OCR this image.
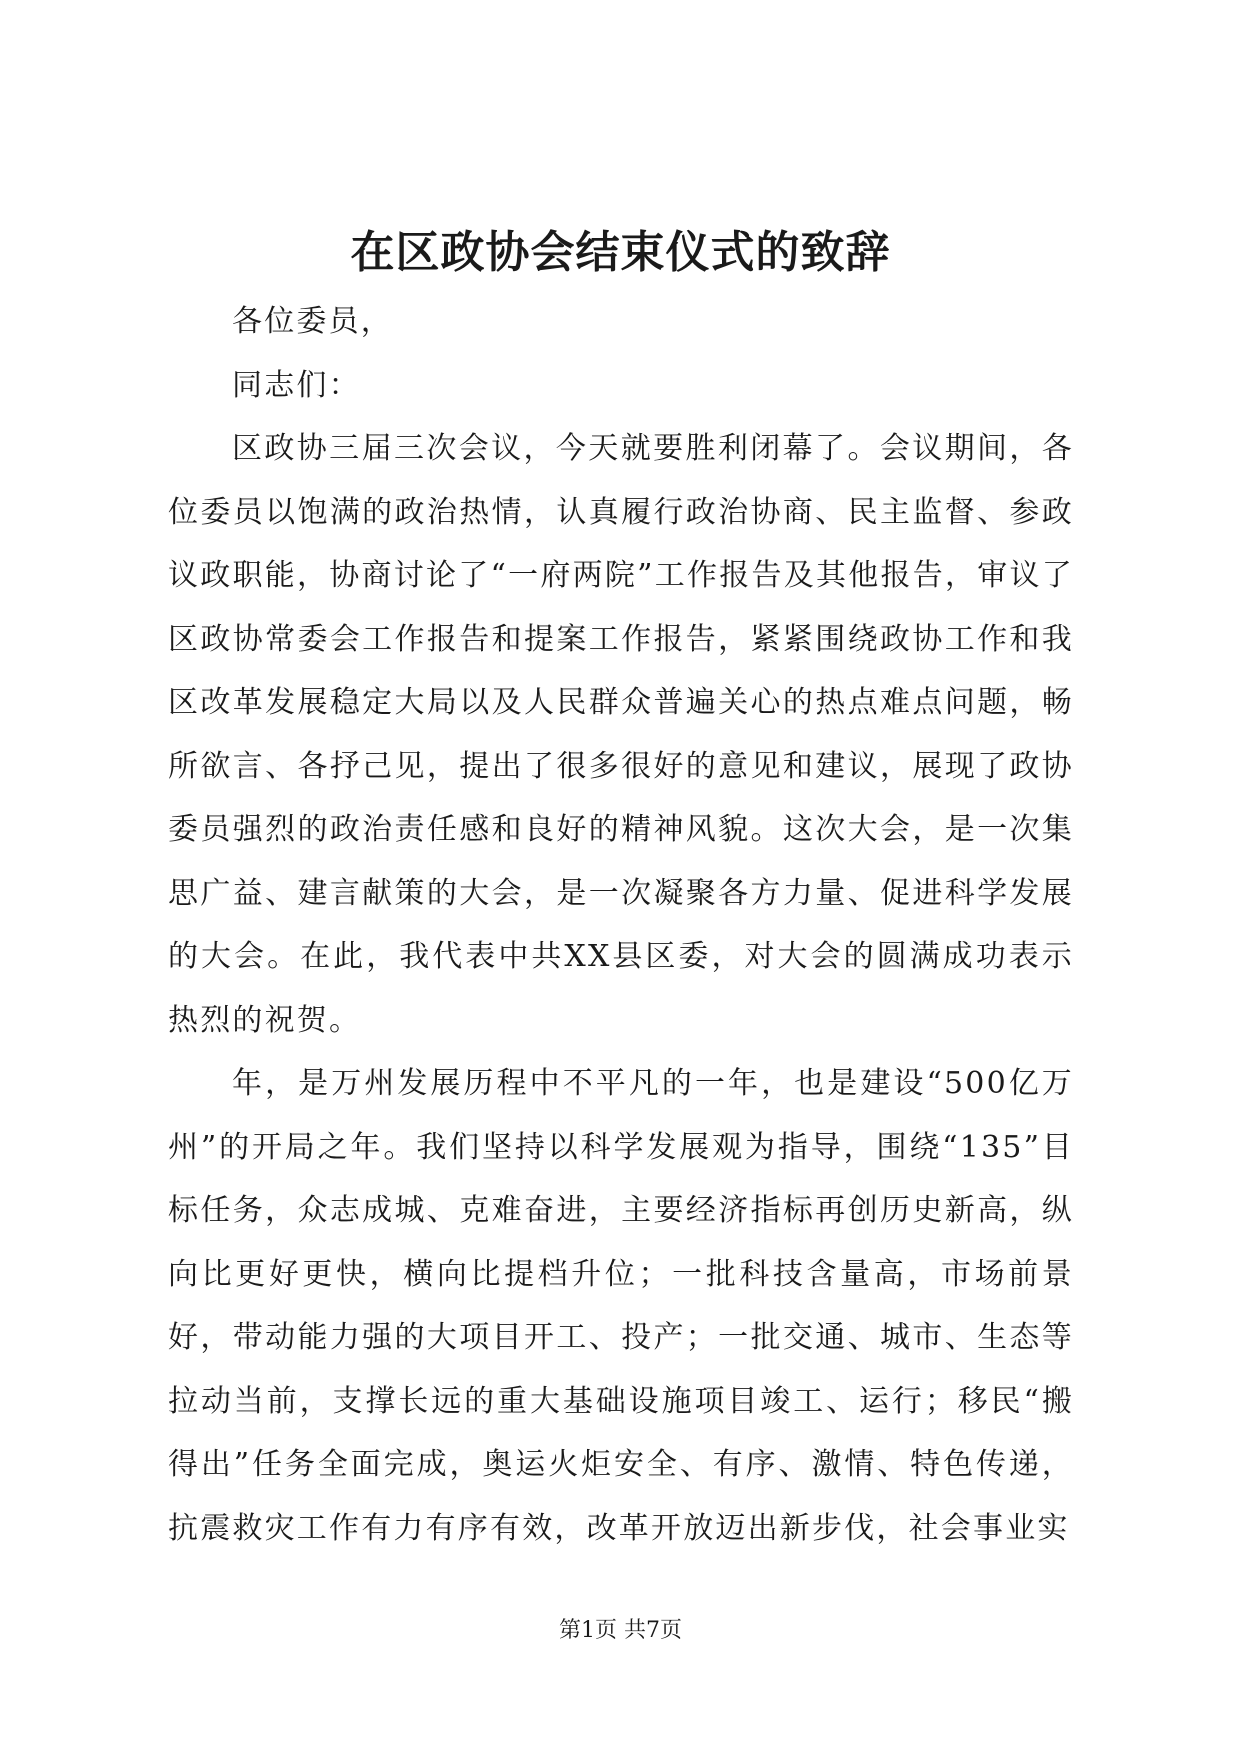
在区政协会结束仪式的致辞

各位委员，

同志们：

区政协三届三次会议，今天就要胜利闭幕了。会议期间，各位委员以饱满的政治热情，认真履行政治协商、民主监督、参政议政职能，协商讨论了“一府两院”工作报告及其他报告，审议了区政协常委会工作报告和提案工作报告，紧紧围绕政协工作和我区改革发展稳定大局以及人民群众普遍关心的热点难点问题，畅所欲言、各抒己见，提出了很多很好的意见和建议，展现了政协委员强烈的政治责任感和良好的精神风貌。这次大会，是一次集思广益、建言献策的大会，是一次凝聚各方力量、促进科学发展的大会。在此，我代表中共XX县区委，对大会的圆满成功表示热烈的祝贺。

年，是万州发展历程中不平凡的一年，也是建设“500亿万州”的开局之年。我们坚持以科学发展观为指导，围绕“135”目标任务，众志成城、克难奋进，主要经济指标再创历史新高，纵向比更好更快，横向比提档升位；一批科技含量高，市场前景好，带动能力强的大项目开工、投产；一批交通、城市、生态等拉动当前，支撑长远的重大基础设施项目竣工、运行；移民“搬得出”任务全面完成，奥运火炬安全、有序、激情、特色传递，抗震救灾工作有力有序有效，改革开放迈出新步伐，社会事业实

第1页 共7页
